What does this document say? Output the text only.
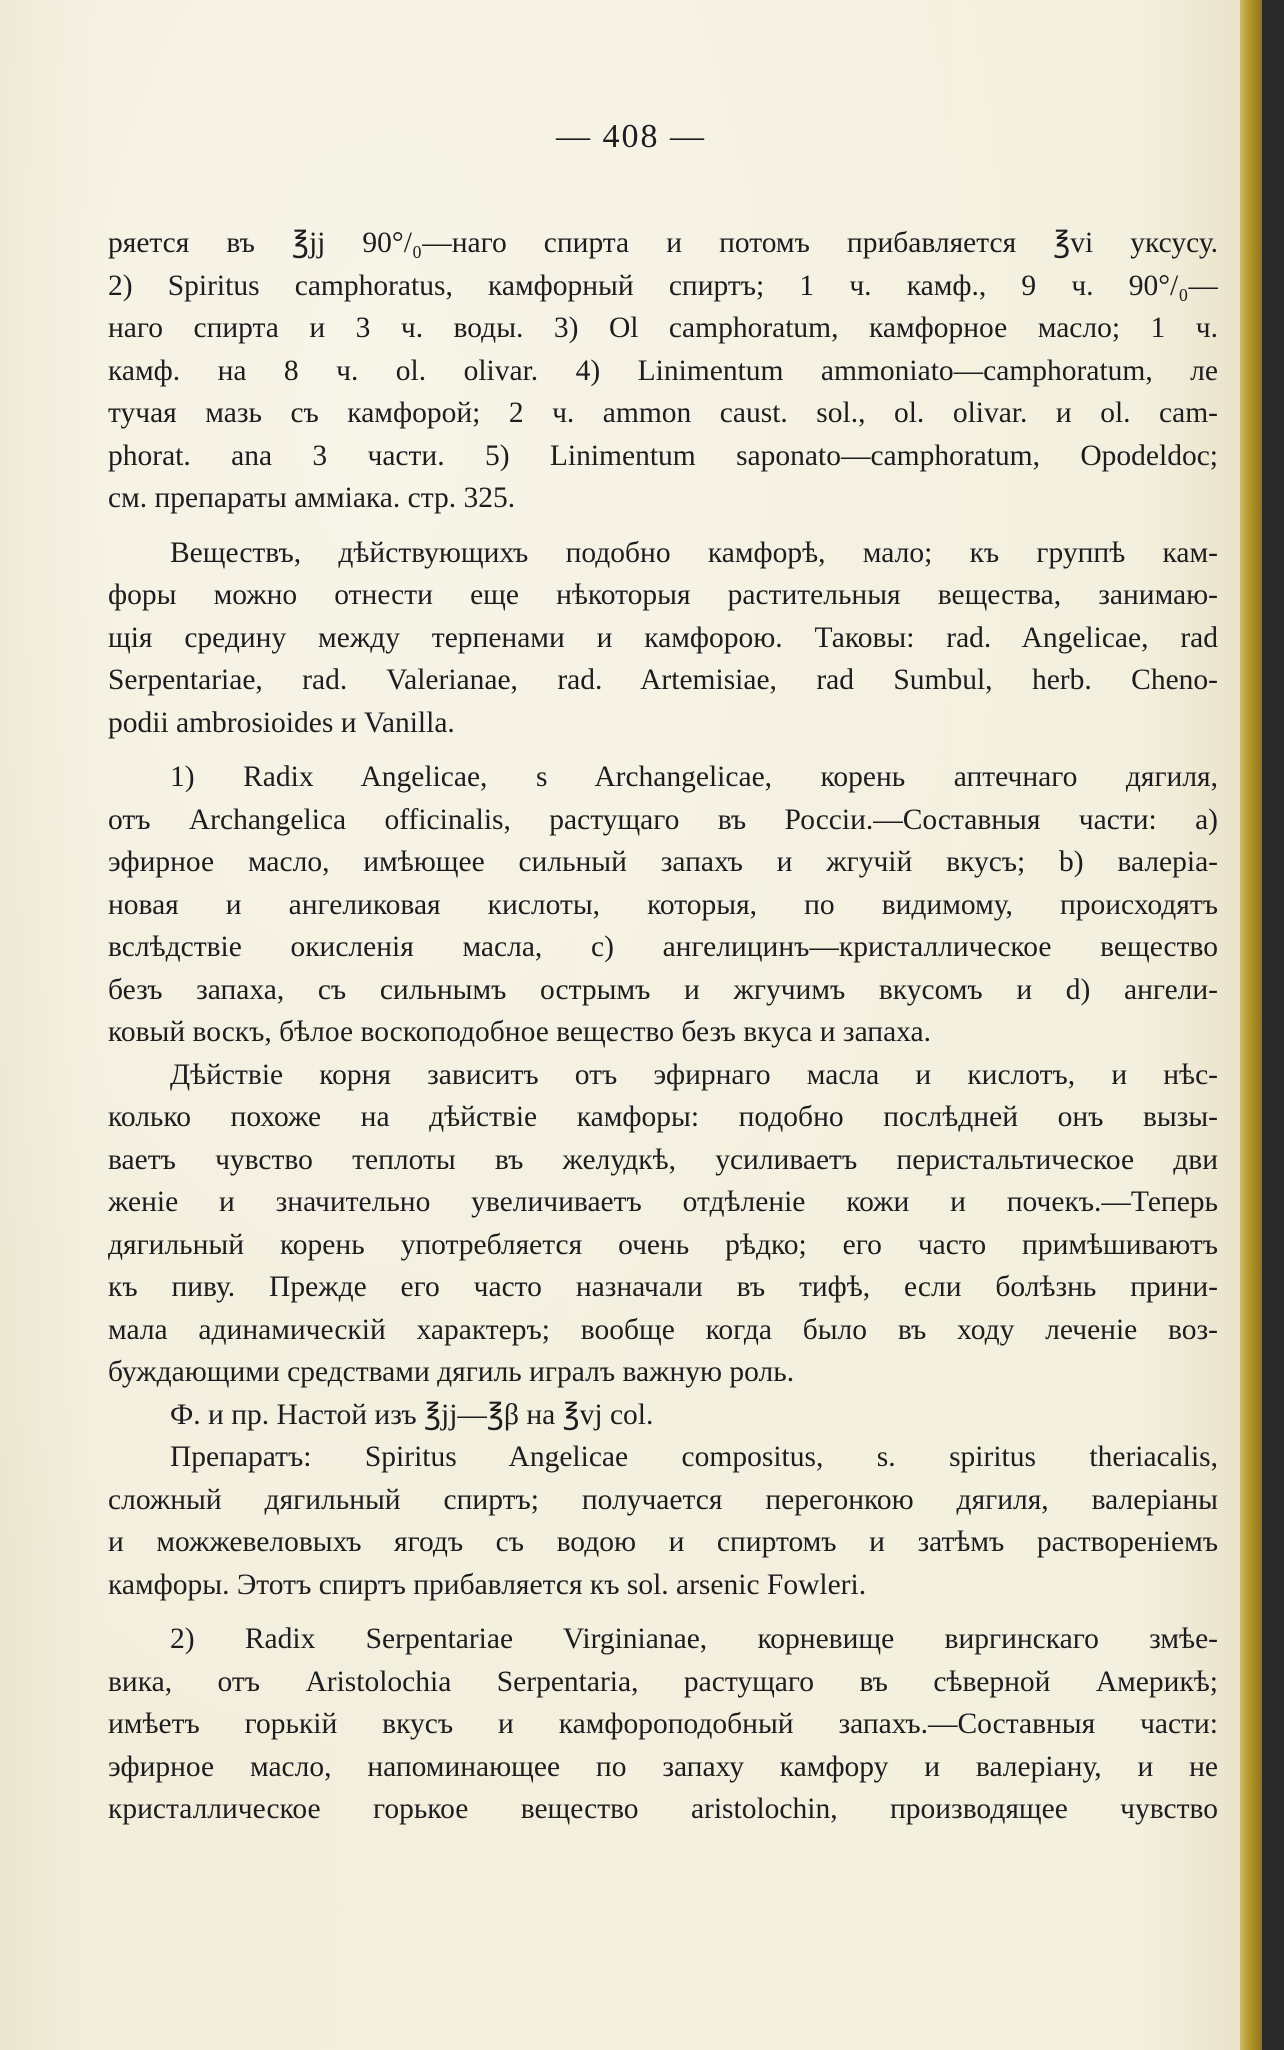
— 408 —

ряется въ ℥jj 90°/₀—наго спирта и потомъ прибавляется ℥vi уксусу.
2) Spiritus camphoratus, камфорный спиртъ; 1 ч. камф., 9 ч. 90°/₀—
наго спирта и 3 ч. воды. 3) Ol camphoratum, камфорное масло; 1 ч.
камф. на 8 ч. ol. olivar. 4) Linimentum ammoniato—camphoratum, ле
тучая мазь съ камфорой; 2 ч. ammon caust. sol., ol. olivar. и ol. cam-
phorat. ana 3 части. 5) Linimentum saponato—camphoratum, Opodeldoc;
см. препараты аммiака. стр. 325.

Веществъ, дѣйствующихъ подобно камфорѣ, мало; къ группѣ кам-
форы можно отнести еще нѣкоторыя растительныя вещества, занимаю-
щiя средину между терпенами и камфорою. Таковы: rad. Angelicae, rad
Serpentariae, rad. Valerianae, rad. Artemisiae, rad Sumbul, herb. Cheno-
podii ambrosioides и Vanilla.

1) Radix Angelicae, s Archangelicae, корень аптечнаго дягиля,
отъ Archangelica officinalis, растущаго въ Россiи.—Составныя части: a)
эфирное масло, имѣющее сильный запахъ и жгучiй вкусъ; b) валерiа-
новая и ангеликовая кислоты, которыя, по видимому, происходятъ
вслѣдствiе окисленiя масла, c) ангелицинъ—кристаллическое вещество
безъ запаха, съ сильнымъ острымъ и жгучимъ вкусомъ и d) ангели-
ковый воскъ, бѣлое воскоподобное вещество безъ вкуса и запаха.

Дѣйствiе корня зависитъ отъ эфирнаго масла и кислотъ, и нѣс-
колько похоже на дѣйствiе камфоры: подобно послѣдней онъ вызы-
ваетъ чувство теплоты въ желудкѣ, усиливаетъ перистальтическое дви
женiе и значительно увеличиваетъ отдѣленiе кожи и почекъ.—Теперь
дягильный корень употребляется очень рѣдко; его часто примѣшиваютъ
къ пиву. Прежде его часто назначали въ тифѣ, если болѣзнь прини-
мала адинамическiй характеръ; вообще когда было въ ходу леченiе воз-
буждающими средствами дягиль игралъ важную роль.

Ф. и пр. Настой изъ ℥jj—℥β на ℥vj col.

Препаратъ: Spiritus Angelicae compositus, s. spiritus theriacalis,
сложный дягильный спиртъ; получается перегонкою дягиля, валерiаны
и можжевеловыхъ ягодъ съ водою и спиртомъ и затѣмъ растворенiемъ
камфоры. Этотъ спиртъ прибавляется къ sol. arsenic Fowleri.

2) Radix Serpentariae Virginianae, корневище виргинскаго змѣе-
вика, отъ Aristolochia Serpentaria, растущаго въ сѣверной Америкѣ;
имѣетъ горькiй вкусъ и камфороподобный запахъ.—Составныя части:
эфирное масло, напоминающее по запаху камфору и валерiану, и не
кристаллическое горькое вещество aristolochin, производящее чувство
